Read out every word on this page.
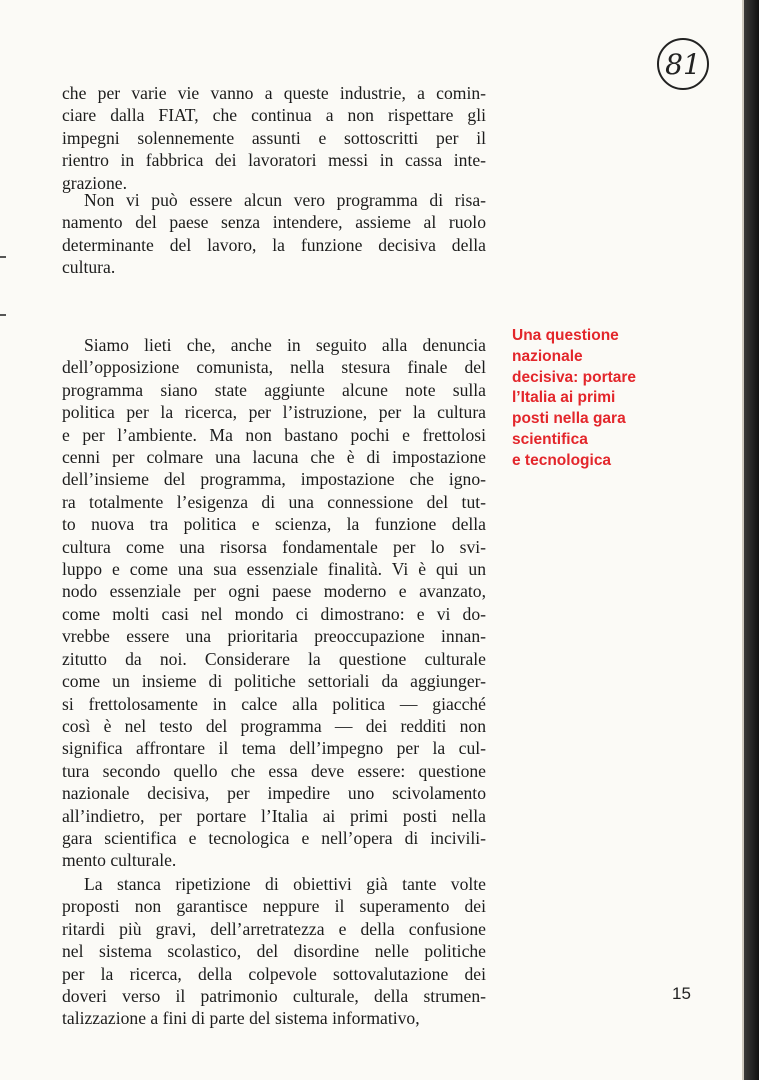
81
che per varie vie vanno a queste industrie, a comin-
ciare dalla FIAT, che continua a non rispettare gli
impegni solennemente assunti e sottoscritti per il
rientro in fabbrica dei lavoratori messi in cassa inte-
grazione.
Non vi può essere alcun vero programma di risa-
namento del paese senza intendere, assieme al ruolo
determinante del lavoro, la funzione decisiva della
cultura.
Siamo lieti che, anche in seguito alla denuncia
dell’opposizione comunista, nella stesura finale del
programma siano state aggiunte alcune note sulla
politica per la ricerca, per l’istruzione, per la cultura
e per l’ambiente. Ma non bastano pochi e frettolosi
cenni per colmare una lacuna che è di impostazione
dell’insieme del programma, impostazione che igno-
ra totalmente l’esigenza di una connessione del tut-
to nuova tra politica e scienza, la funzione della
cultura come una risorsa fondamentale per lo svi-
luppo e come una sua essenziale finalità. Vi è qui un
nodo essenziale per ogni paese moderno e avanzato,
come molti casi nel mondo ci dimostrano: e vi do-
vrebbe essere una prioritaria preoccupazione innan-
zitutto da noi. Considerare la questione culturale
come un insieme di politiche settoriali da aggiunger-
si frettolosamente in calce alla politica — giacché
così è nel testo del programma — dei redditi non
significa affrontare il tema dell’impegno per la cul-
tura secondo quello che essa deve essere: questione
nazionale decisiva, per impedire uno scivolamento
all’indietro, per portare l’Italia ai primi posti nella
gara scientifica e tecnologica e nell’opera di incivili-
mento culturale.
La stanca ripetizione di obiettivi già tante volte
proposti non garantisce neppure il superamento dei
ritardi più gravi, dell’arretratezza e della confusione
nel sistema scolastico, del disordine nelle politiche
per la ricerca, della colpevole sottovalutazione dei
doveri verso il patrimonio culturale, della strumen-
talizzazione a fini di parte del sistema informativo,
Una questione
nazionale
decisiva: portare
l’Italia ai primi
posti nella gara
scientifica
e tecnologica
15
